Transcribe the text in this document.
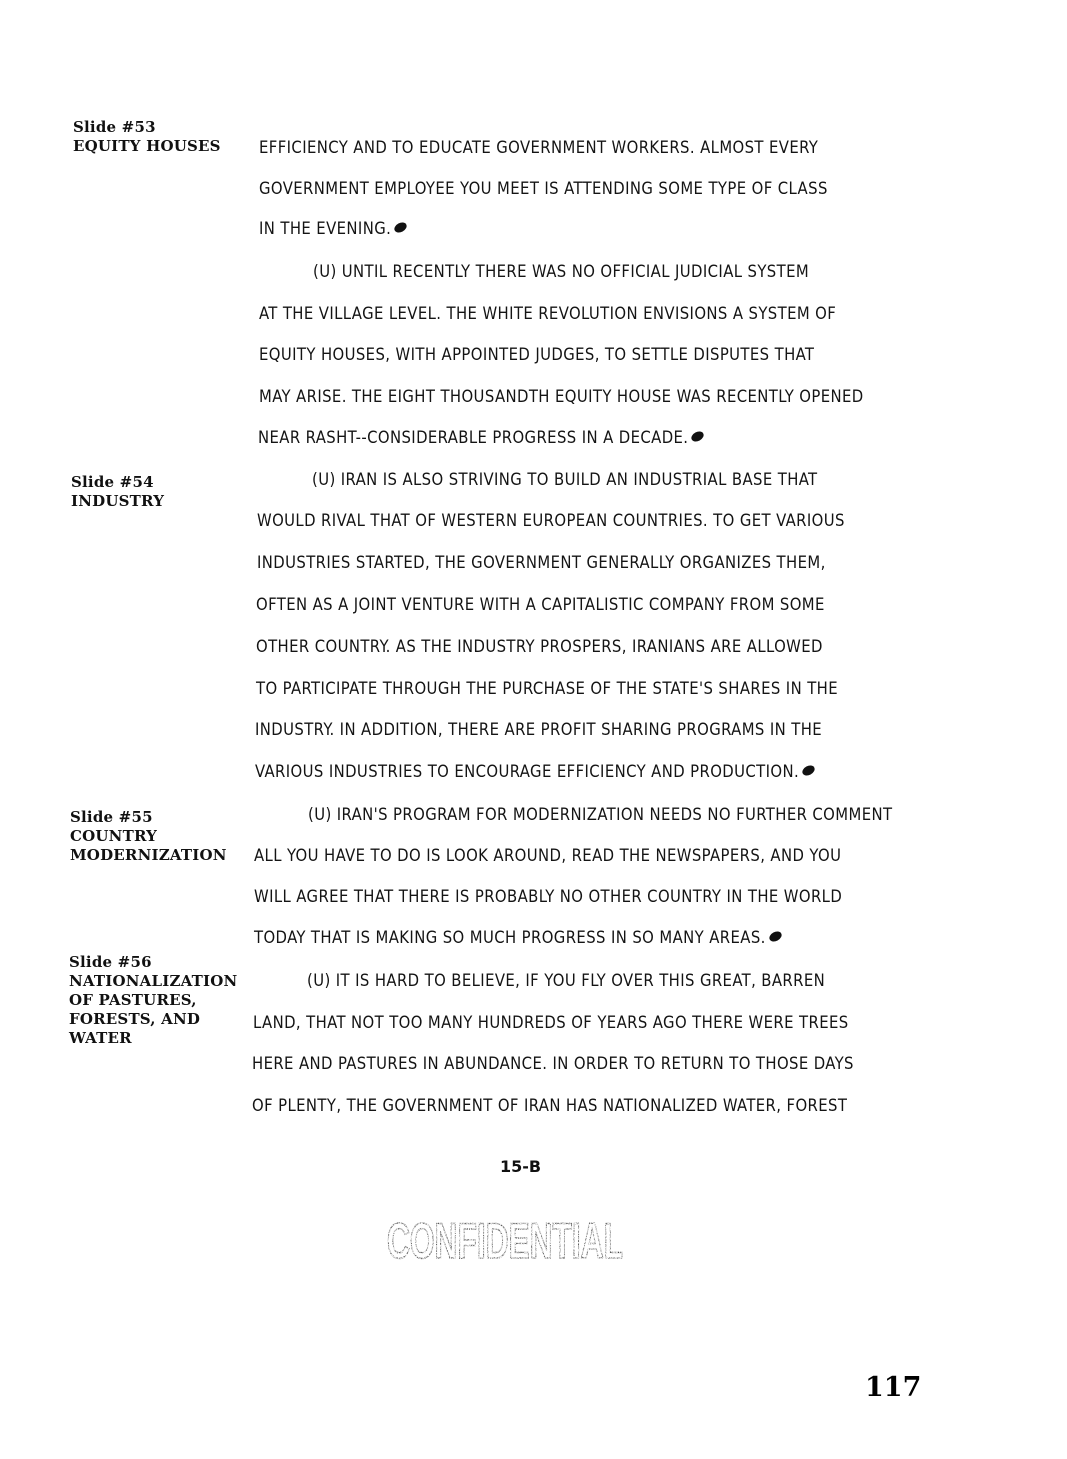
Slide #53
EQUITY HOUSES
Slide #54
INDUSTRY
Slide #55
COUNTRY
MODERNIZATION
Slide #56
NATIONALIZATION
OF PASTURES,
FORESTS, AND
WATER
EFFICIENCY AND TO EDUCATE GOVERNMENT WORKERS. ALMOST EVERY
GOVERNMENT EMPLOYEE YOU MEET IS ATTENDING SOME TYPE OF CLASS
IN THE EVENING.
(U) UNTIL RECENTLY THERE WAS NO OFFICIAL JUDICIAL SYSTEM
AT THE VILLAGE LEVEL. THE WHITE REVOLUTION ENVISIONS A SYSTEM OF
EQUITY HOUSES, WITH APPOINTED JUDGES, TO SETTLE DISPUTES THAT
MAY ARISE. THE EIGHT THOUSANDTH EQUITY HOUSE WAS RECENTLY OPENED
NEAR RASHT--CONSIDERABLE PROGRESS IN A DECADE.
(U) IRAN IS ALSO STRIVING TO BUILD AN INDUSTRIAL BASE THAT
WOULD RIVAL THAT OF WESTERN EUROPEAN COUNTRIES. TO GET VARIOUS
INDUSTRIES STARTED, THE GOVERNMENT GENERALLY ORGANIZES THEM,
OFTEN AS A JOINT VENTURE WITH A CAPITALISTIC COMPANY FROM SOME
OTHER COUNTRY. AS THE INDUSTRY PROSPERS, IRANIANS ARE ALLOWED
TO PARTICIPATE THROUGH THE PURCHASE OF THE STATE'S SHARES IN THE
INDUSTRY. IN ADDITION, THERE ARE PROFIT SHARING PROGRAMS IN THE
VARIOUS INDUSTRIES TO ENCOURAGE EFFICIENCY AND PRODUCTION.
(U) IRAN'S PROGRAM FOR MODERNIZATION NEEDS NO FURTHER COMMENT
ALL YOU HAVE TO DO IS LOOK AROUND, READ THE NEWSPAPERS, AND YOU
WILL AGREE THAT THERE IS PROBABLY NO OTHER COUNTRY IN THE WORLD
TODAY THAT IS MAKING SO MUCH PROGRESS IN SO MANY AREAS.
(U) IT IS HARD TO BELIEVE, IF YOU FLY OVER THIS GREAT, BARREN
LAND, THAT NOT TOO MANY HUNDREDS OF YEARS AGO THERE WERE TREES
HERE AND PASTURES IN ABUNDANCE. IN ORDER TO RETURN TO THOSE DAYS
OF PLENTY, THE GOVERNMENT OF IRAN HAS NATIONALIZED WATER, FOREST
15-B
CONFIDENTIAL
117
